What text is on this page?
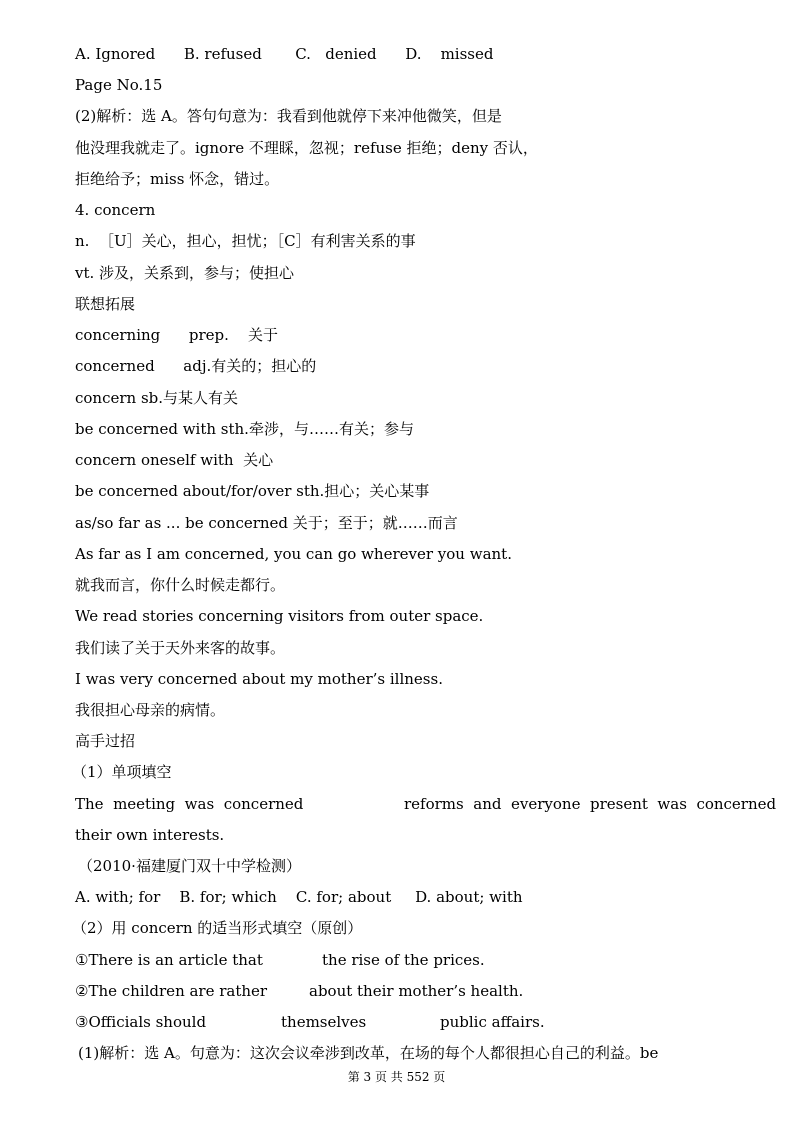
A. Ignored      B. refused       C.   denied      D.    missed
Page No.15
(2)解析：选 A。答句句意为：我看到他就停下来冲他微笑，但是
他没理我就走了。ignore 不理睬，忽视；refuse 拒绝；deny 否认，
拒绝给予；miss 怀念，错过。
4. concern
n.  ［U］关心，担心，担忧；［C］有利害关系的事
vt. 涉及，关系到，参与；使担心
联想拓展
concerning      prep.    关于
concerned      adj.有关的；担心的
concern sb.与某人有关
be concerned with sth.牵涉，与……有关；参与
concern oneself with  关心
be concerned about/for/over sth.担心；关心某事
as/so far as ... be concerned 关于；至于；就……而言
As far as I am concerned, you can go wherever you want.
就我而言，你什么时候走都行。
We read stories concerning visitors from outer space.
我们读了关于天外来客的故事。
I was very concerned about my mother’s illness.
我很担心母亲的病情。
高手过招
（1）单项填空
The  meeting  was  concerned	reforms  and  everyone  present  was  concerned
their own interests.
（2010·福建厦门双十中学检测）
A. with; for    B. for; which    C. for; about     D. about; with
（2）用 concern 的适当形式填空（原创）
①There is an article that	the rise of the prices.
②The children are rather	about their mother’s health.
③Officials should	themselves	public affairs.
(1)解析：选 A。句意为：这次会议牵涉到改革，在场的每个人都很担心自己的利益。be
第 3 页 共 552 页
